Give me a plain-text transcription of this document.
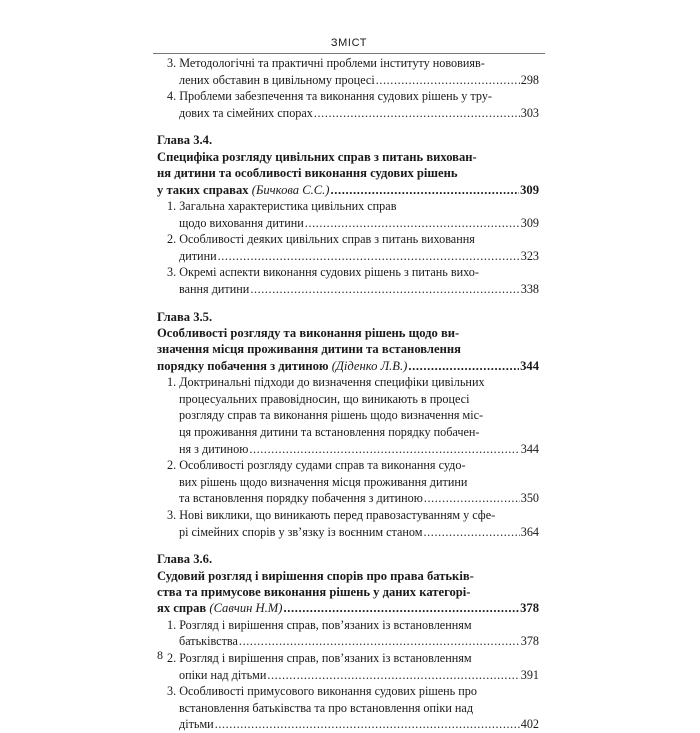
ЗМІСТ
3. Методологічні та практичні проблеми інституту нововияв-
лених обставин в цивільному процесі .....	298
4. Проблеми забезпечення та виконання судових рішень у тру-
дових та сімейних спорах .....	303
Глава 3.4.
Специфіка розгляду цивільних справ з питань вихован-
ня дитини та особливості виконання судових рішень
у таких справах
(Бичкова С.С.) .....	309
1. Загальна характеристика цивільних справ
щодо виховання дитини .....	309
2. Особливості деяких цивільних справ з питань виховання
дитини .....	323
3. Окремі аспекти виконання судових рішень з питань вихо-
вання дитини .....	338
Глава 3.5.
Особливості розгляду та виконання рішень щодо ви-
значення місця проживання дитини та встановлення
порядку побачення з дитиною
(Діденко Л.В.) .....	344
1. Доктринальні підходи до визначення специфіки цивільних
процесуальних правовідносин, що виникають в процесі
розгляду справ та виконання рішень щодо визначення міс-
ця проживання дитини та встановлення порядку побачен-
ня з дитиною .....	344
2. Особливості розгляду судами справ та виконання судо-
вих рішень щодо визначення місця проживання дитини
та встановлення порядку побачення з дитиною .....	350
3. Нові виклики, що виникають перед правозастуванням у сфе-
рі сімейних спорів у зв’язку із воєнним станом .....	364
Глава 3.6.
Судовий розгляд і вирішення спорів про права батьків-
ства та примусове виконання рішень у даних категорі-
ях справ
(Савчин Н.М) .....	378
1. Розгляд і вирішення справ, пов’язаних із встановленням
батьківства .....	378
2. Розгляд і вирішення справ, пов’язаних із встановленням
опіки над дітьми .....	391
3. Особливості примусового виконання судових рішень про
встановлення батьківства та про встановлення опіки над
дітьми .....	402
8
